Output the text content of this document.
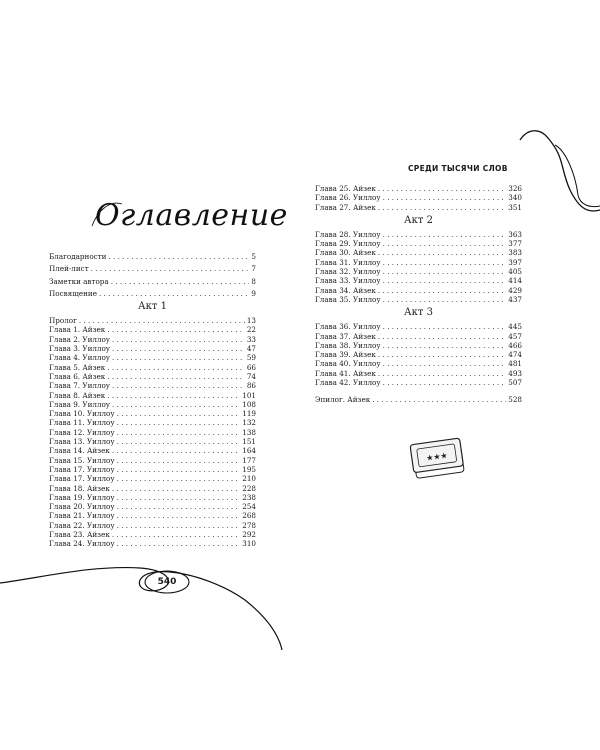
Оглавление
Благодарности . . .	5
Плей-лист . . .	7
Заметки автора . . .	8
Посвящение . . .	9
Акт 1
Пролог . . .	13
Глава 1. Айзек . . .	22
Глава 2. Уиллоу . . .	33
Глава 3. Уиллоу . . .	47
Глава 4. Уиллоу . . .	59
Глава 5. Айзек . . .	66
Глава 6. Айзек . . .	74
Глава 7. Уиллоу . . .	86
Глава 8. Айзек . . .	101
Глава 9. Уиллоу . . .	108
Глава 10. Уиллоу . . .	119
Глава 11. Уиллоу . . .	132
Глава 12. Уиллоу . . .	138
Глава 13. Уиллоу . . .	151
Глава 14. Айзек . . .	164
Глава 15. Уиллоу . . .	177
Глава 17. Уиллоу . . .	195
Глава 17. Уиллоу . . .	210
Глава 18. Айзек . . .	228
Глава 19. Уиллоу . . .	238
Глава 20. Уиллоу . . .	254
Глава 21. Уиллоу . . .	268
Глава 22. Уиллоу . . .	278
Глава 23. Айзек . . .	292
Глава 24. Уиллоу . . .	310
540
СРЕДИ ТЫСЯЧИ СЛОВ
Глава 25. Айзек . . .	326
Глава 26. Уиллоу . . .	340
Глава 27. Айзек . . .	351
Акт 2
Глава 28. Уиллоу . . .	363
Глава 29. Уиллоу . . .	377
Глава 30. Айзек . . .	383
Глава 31. Уиллоу . . .	397
Глава 32. Уиллоу . . .	405
Глава 33. Уиллоу . . .	414
Глава 34. Айзек . . .	429
Глава 35. Уиллоу . . .	437
Акт 3
Глава 36. Уиллоу . . .	445
Глава 37. Айзек . . .	457
Глава 38. Уиллоу . . .	466
Глава 39. Айзек . . .	474
Глава 40. Уиллоу . . .	481
Глава 41. Айзек . . .	493
Глава 42. Уиллоу . . .	507
Эпилог. Айзек . . .	528
★★★
